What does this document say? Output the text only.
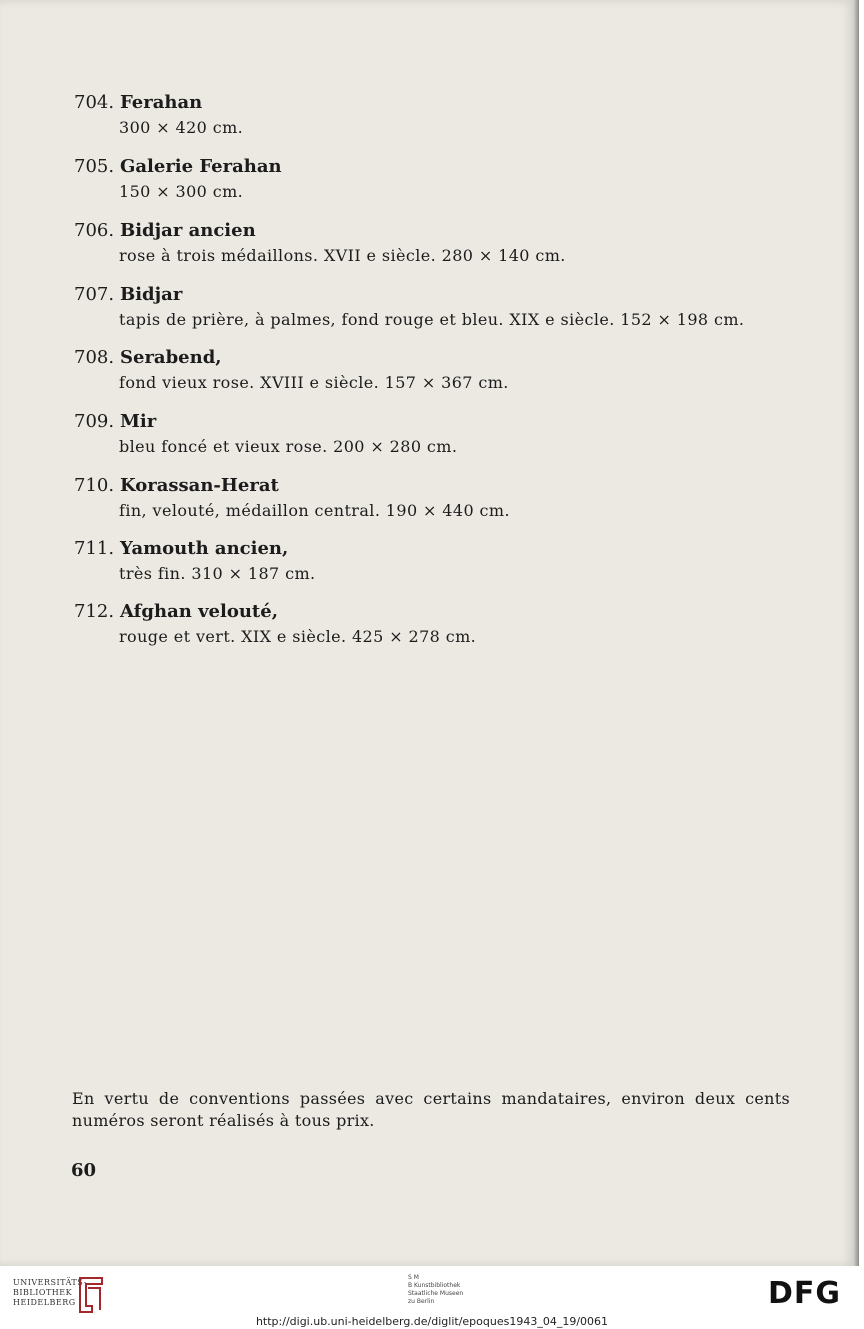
704. Ferahan
300 × 420 cm.
705. Galerie Ferahan
150 × 300 cm.
706. Bidjar ancien
rose à trois médaillons. XVII e siècle. 280 × 140 cm.
707. Bidjar
tapis de prière, à palmes, fond rouge et bleu. XIX e siècle. 152 × 198 cm.
708. Serabend,
fond vieux rose. XVIII e siècle. 157 × 367 cm.
709. Mir
bleu foncé et vieux rose. 200 × 280 cm.
710. Korassan-Herat
fin, velouté, médaillon central. 190 × 440 cm.
711. Yamouth ancien,
très fin. 310 × 187 cm.
712. Afghan velouté,
rouge et vert. XIX e siècle. 425 × 278 cm.

En vertu de conventions passées avec certains mandataires, environ deux cents numéros seront réalisés à tous prix.

60
UNIVERSITÄTS-
BIBLIOTHEK
HEIDELBERG
S M
B Kunstbibliothek
Staatliche Museen
zu Berlin	DFG
http://digi.ub.uni-heidelberg.de/diglit/epoques1943_04_19/0061
